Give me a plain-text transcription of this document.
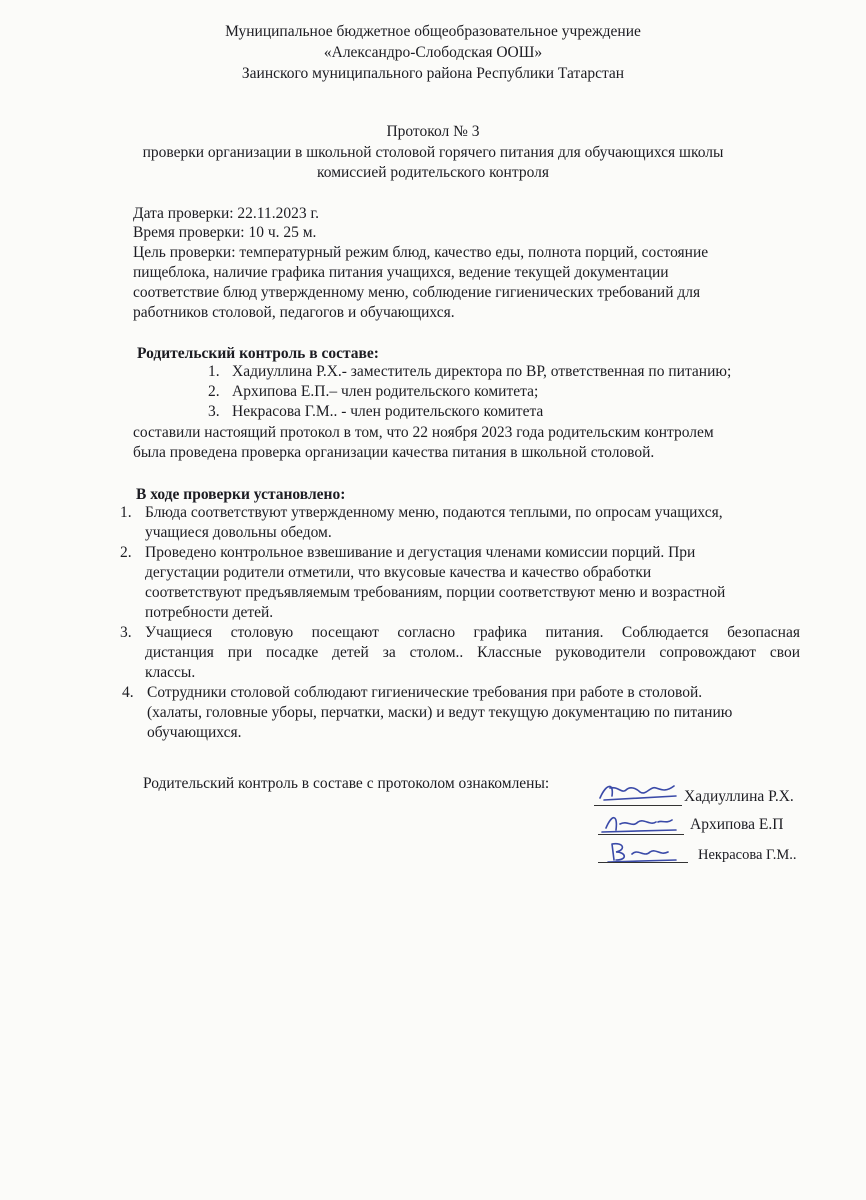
Муниципальное бюджетное общеобразовательное учреждение
«Александро-Слободская ООШ»
Заинского муниципального района Республики Татарстан
Протокол № 3
проверки организации в школьной столовой горячего питания для обучающихся школы
комиссией родительского контроля
Дата проверки: 22.11.2023 г.
Время проверки: 10 ч. 25 м.
Цель проверки: температурный режим блюд, качество еды, полнота порций, состояние
пищеблока, наличие графика питания учащихся, ведение текущей документации
соответствие блюд утвержденному меню, соблюдение гигиенических требований для
работников столовой, педагогов и обучающихся.
Родительский контроль в составе:
1. Хадиуллина Р.Х.- заместитель директора по ВР, ответственная по питанию;
2. Архипова Е.П.– член родительского комитета;
3. Некрасова Г.М.. - член родительского комитета
составили настоящий протокол в том, что 22 ноября 2023 года родительским контролем
была проведена проверка организации качества питания в школьной столовой.
В ходе проверки установлено:
1. Блюда соответствуют утвержденному меню, подаются теплыми, по опросам учащихся,
учащиеся довольны обедом.
2. Проведено контрольное взвешивание и дегустация членами комиссии порций. При
дегустации родители отметили, что вкусовые качества и качество обработки
соответствуют предъявляемым требованиям, порции соответствуют меню и возрастной
потребности детей.
3. Учащиеся столовую посещают согласно графика питания. Соблюдается безопасная
дистанция при посадке детей за столом.. Классные руководители сопровождают свои
классы.
4. Сотрудники столовой соблюдают гигиенические требования при работе в столовой.
(халаты, головные уборы, перчатки, маски) и ведут текущую документацию по питанию
обучающихся.
Родительский контроль в составе с протоколом ознакомлены:
Хадиуллина Р.Х.
Архипова Е.П
Некрасова Г.М..
